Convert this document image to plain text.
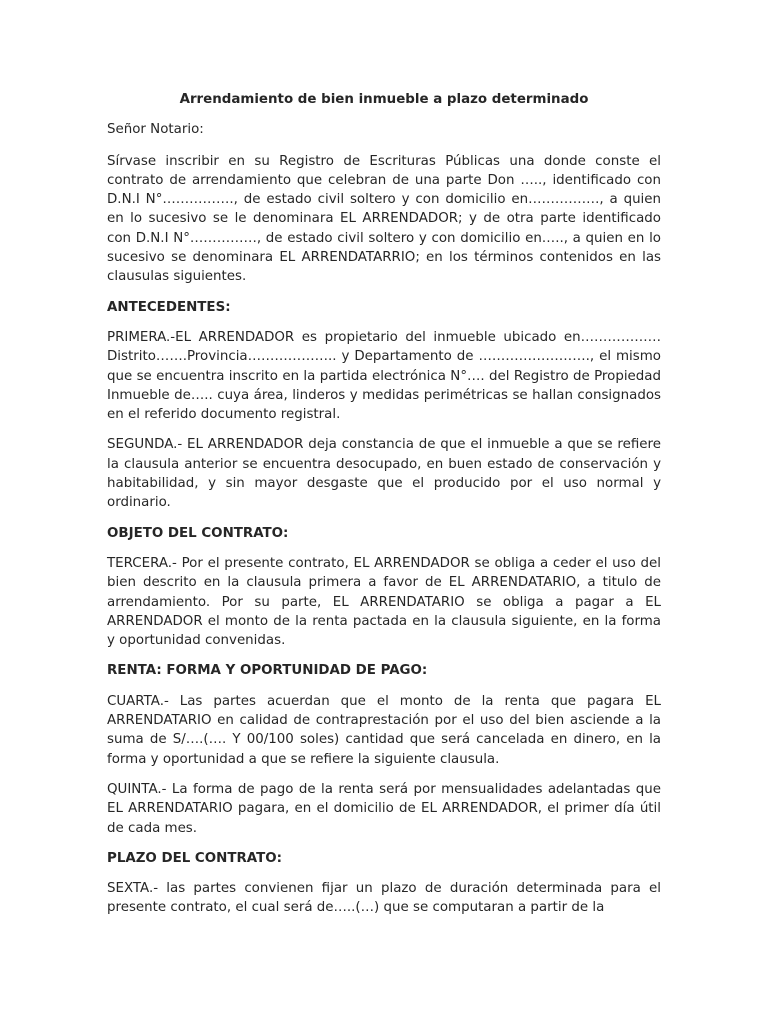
Arrendamiento de bien inmueble a plazo determinado
Señor Notario:
Sírvase inscribir en su Registro de Escrituras Públicas una donde conste el contrato de arrendamiento que celebran de una parte Don ….., identificado con D.N.I N°……………., de estado civil soltero y con domicilio en……………., a quien en lo sucesivo se le denominara EL ARRENDADOR; y de otra parte identificado con D.N.I N°……………, de estado civil soltero y con domicilio en….., a quien en lo sucesivo se denominara EL ARRENDATARRIO; en los términos contenidos en las clausulas siguientes.
ANTECEDENTES:
PRIMERA.-EL ARRENDADOR es propietario del inmueble ubicado en……………… Distrito…….Provincia……………….. y Departamento de ……………………., el mismo que se encuentra inscrito en la partida electrónica N°…. del Registro de Propiedad Inmueble de….. cuya área, linderos y medidas perimétricas se hallan consignados en el referido documento registral.
SEGUNDA.- EL ARRENDADOR deja constancia de que el inmueble a que se refiere la clausula anterior se encuentra desocupado, en buen estado de conservación y habitabilidad, y sin mayor desgaste que el producido por el uso normal y ordinario.
OBJETO DEL CONTRATO:
TERCERA.- Por el presente contrato, EL ARRENDADOR se obliga a ceder el uso del bien descrito en la clausula primera a favor de EL ARRENDATARIO, a titulo de arrendamiento. Por su parte, EL ARRENDATARIO se obliga a pagar a EL ARRENDADOR el monto de la renta pactada en la clausula siguiente, en la forma y oportunidad convenidas.
RENTA: FORMA Y OPORTUNIDAD DE PAGO:
CUARTA.- Las partes acuerdan que el monto de la renta que pagara EL ARRENDATARIO en calidad de contraprestación por el uso del bien asciende a la suma de S/….(…. Y 00/100 soles) cantidad que será cancelada en dinero, en la forma y oportunidad a que se refiere la siguiente clausula.
QUINTA.- La forma de pago de la renta será por mensualidades adelantadas que EL ARRENDATARIO pagara, en el domicilio de EL ARRENDADOR, el primer día útil de cada mes.
PLAZO DEL CONTRATO:
SEXTA.- las partes convienen fijar un plazo de duración determinada para el presente contrato, el cual será de…..(…) que se computaran a partir de la
